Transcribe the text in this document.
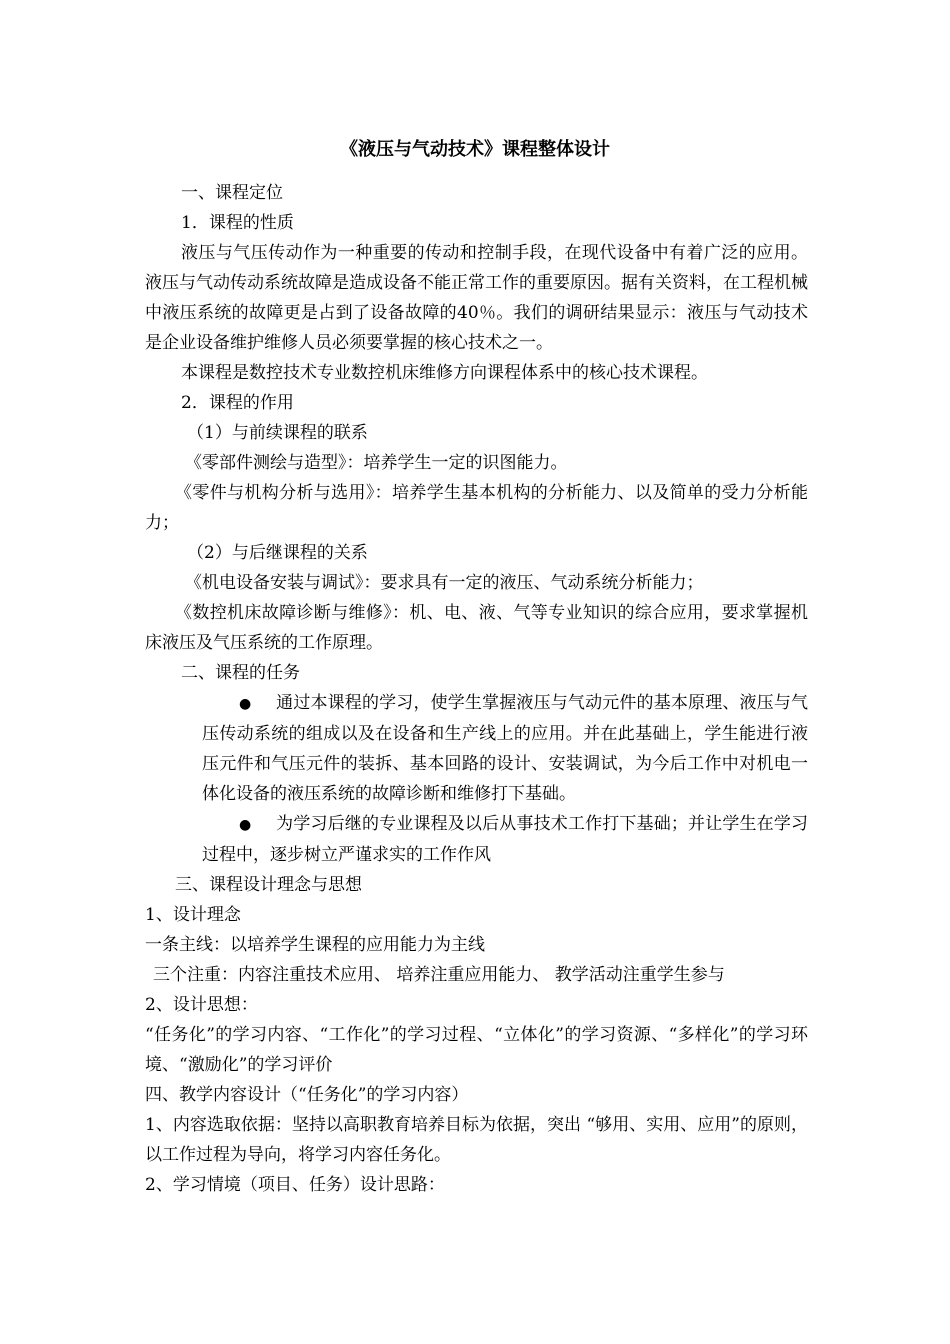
《液压与气动技术》课程整体设计

一、课程定位

1．课程的性质

液压与气压传动作为一种重要的传动和控制手段，在现代设备中有着广泛的应用。液压与气动传动系统故障是造成设备不能正常工作的重要原因。据有关资料，在工程机械中液压系统的故障更是占到了设备故障的40％。我们的调研结果显示：液压与气动技术是企业设备维护维修人员必须要掌握的核心技术之一。

本课程是数控技术专业数控机床维修方向课程体系中的核心技术课程。

2．课程的作用

（1）与前续课程的联系

《零部件测绘与造型》：培养学生一定的识图能力。

《零件与机构分析与选用》：培养学生基本机构的分析能力、以及简单的受力分析能力；

（2）与后继课程的关系

《机电设备安装与调试》：要求具有一定的液压、气动系统分析能力；

《数控机床故障诊断与维修》：机、电、液、气等专业知识的综合应用，要求掌握机床液压及气压系统的工作原理。

二、课程的任务

●通过本课程的学习，使学生掌握液压与气动元件的基本原理、液压与气压传动系统的组成以及在设备和生产线上的应用。并在此基础上，学生能进行液压元件和气压元件的装拆、基本回路的设计、安装调试，为今后工作中对机电一体化设备的液压系统的故障诊断和维修打下基础。

●为学习后继的专业课程及以后从事技术工作打下基础；并让学生在学习过程中，逐步树立严谨求实的工作作风

三、课程设计理念与思想

1、设计理念

一条主线：以培养学生课程的应用能力为主线

三个注重：内容注重技术应用、 培养注重应用能力、 教学活动注重学生参与

2、设计思想：

“任务化”的学习内容、“工作化”的学习过程、“立体化”的学习资源、“多样化”的学习环境、“激励化”的学习评价

四、教学内容设计（“任务化”的学习内容）

1、内容选取依据：坚持以高职教育培养目标为依据，突出 “够用、实用、应用”的原则，以工作过程为导向，将学习内容任务化。

2、学习情境（项目、任务）设计思路：
